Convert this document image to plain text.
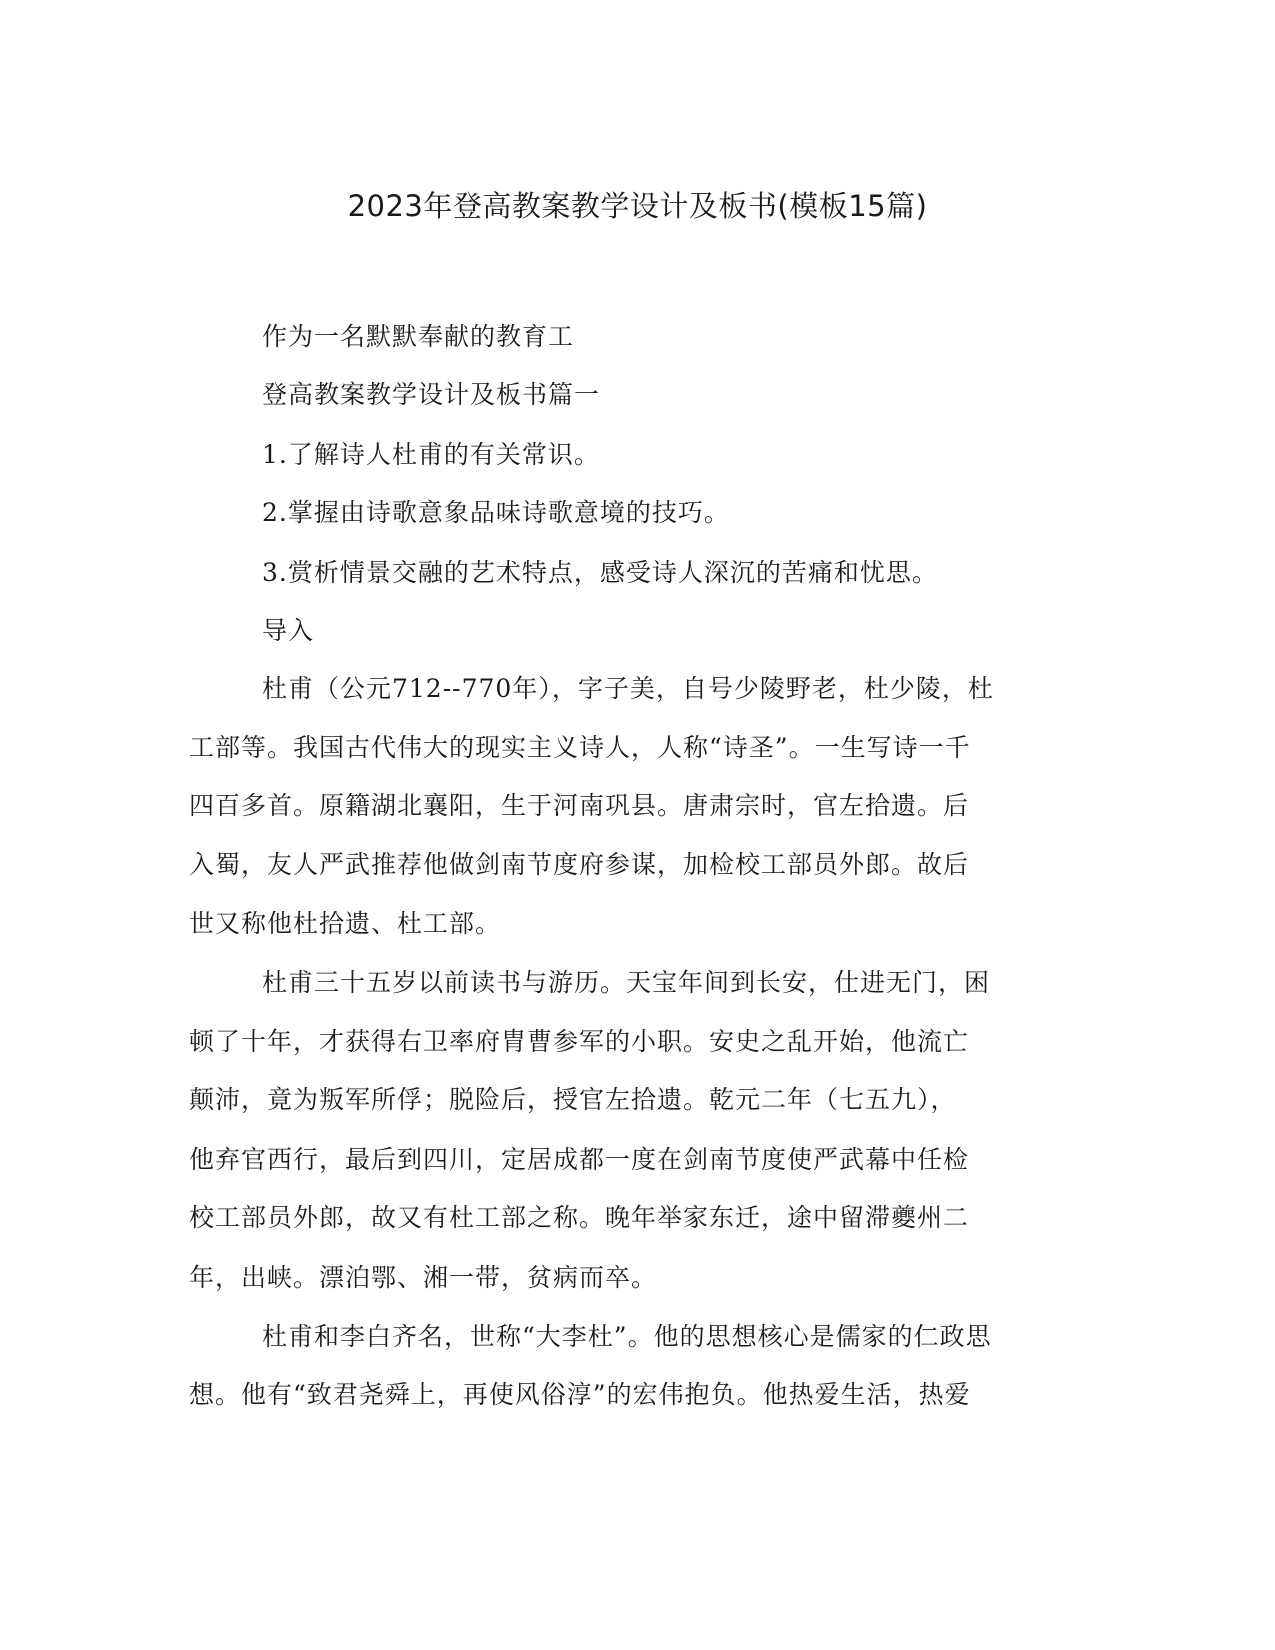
2023年登高教案教学设计及板书(模板15篇)

作为一名默默奉献的教育工

登高教案教学设计及板书篇一

1.了解诗人杜甫的有关常识。

2.掌握由诗歌意象品味诗歌意境的技巧。

3.赏析情景交融的艺术特点，感受诗人深沉的苦痛和忧思。

导入

杜甫（公元712--770年），字子美，自号少陵野老，杜少陵，杜

工部等。我国古代伟大的现实主义诗人，人称“诗圣”。一生写诗一千

四百多首。原籍湖北襄阳，生于河南巩县。唐肃宗时，官左拾遗。后

入蜀，友人严武推荐他做剑南节度府参谋，加检校工部员外郎。故后

世又称他杜拾遗、杜工部。

杜甫三十五岁以前读书与游历。天宝年间到长安，仕进无门，困

顿了十年，才获得右卫率府胄曹参军的小职。安史之乱开始，他流亡

颠沛，竟为叛军所俘；脱险后，授官左拾遗。乾元二年（七五九），

他弃官西行，最后到四川，定居成都一度在剑南节度使严武幕中任检

校工部员外郎，故又有杜工部之称。晚年举家东迁，途中留滞夔州二

年，出峡。漂泊鄂、湘一带，贫病而卒。

杜甫和李白齐名，世称“大李杜”。他的思想核心是儒家的仁政思

想。他有“致君尧舜上，再使风俗淳”的宏伟抱负。他热爱生活，热爱
